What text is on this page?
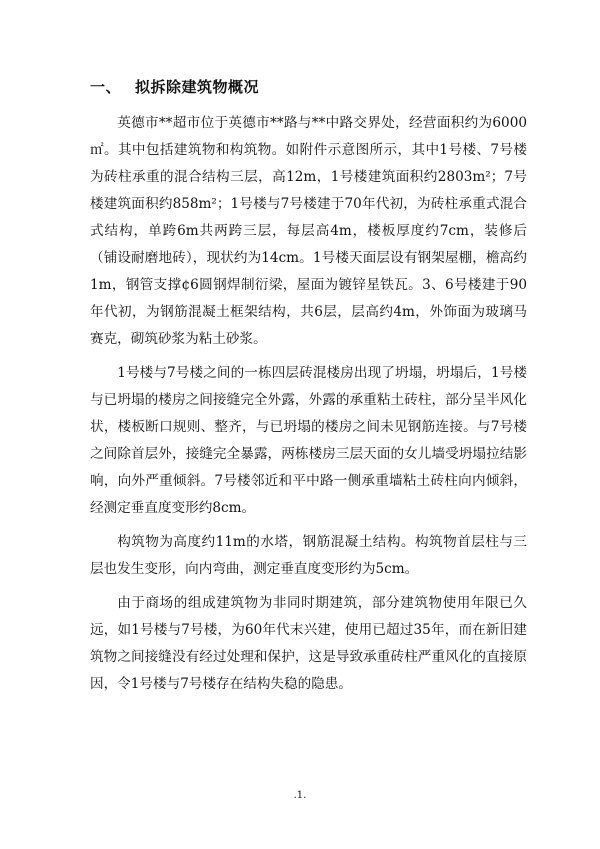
一、 拟拆除建筑物概况

英德市**超市位于英德市**路与**中路交界处，经营面积约为6000㎡。其中包括建筑物和构筑物。如附件示意图所示，其中1号楼、7号楼为砖柱承重的混合结构三层，高12m，1号楼建筑面积约2803m²；7号楼建筑面积约858m²；1号楼与7号楼建于70年代初，为砖柱承重式混合式结构，单跨6m共两跨三层，每层高4m，楼板厚度约7cm，装修后（铺设耐磨地砖），现状约为14cm。1号楼天面层设有钢架屋棚，檐高约1m，钢管支撑¢6圆钢焊制衍梁，屋面为镀锌星铁瓦。3、6号楼建于90年代初，为钢筋混凝土框架结构，共6层，层高约4m，外饰面为玻璃马赛克，砌筑砂浆为粘土砂浆。

1号楼与7号楼之间的一栋四层砖混楼房出现了坍塌，坍塌后，1号楼与已坍塌的楼房之间接缝完全外露，外露的承重粘土砖柱，部分呈半风化状，楼板断口规则、整齐，与已坍塌的楼房之间未见钢筋连接。与7号楼之间除首层外，接缝完全暴露，两栋楼房三层天面的女儿墙受坍塌拉结影响，向外严重倾斜。7号楼邻近和平中路一侧承重墙粘土砖柱向内倾斜，经测定垂直度变形约8cm。

构筑物为高度约11m的水塔，钢筋混凝土结构。构筑物首层柱与三层也发生变形，向内弯曲，测定垂直度变形约为5cm。

由于商场的组成建筑物为非同时期建筑，部分建筑物使用年限已久远，如1号楼与7号楼，为60年代末兴建，使用已超过35年，而在新旧建筑物之间接缝没有经过处理和保护，这是导致承重砖柱严重风化的直接原因，令1号楼与7号楼存在结构失稳的隐患。

.1.
